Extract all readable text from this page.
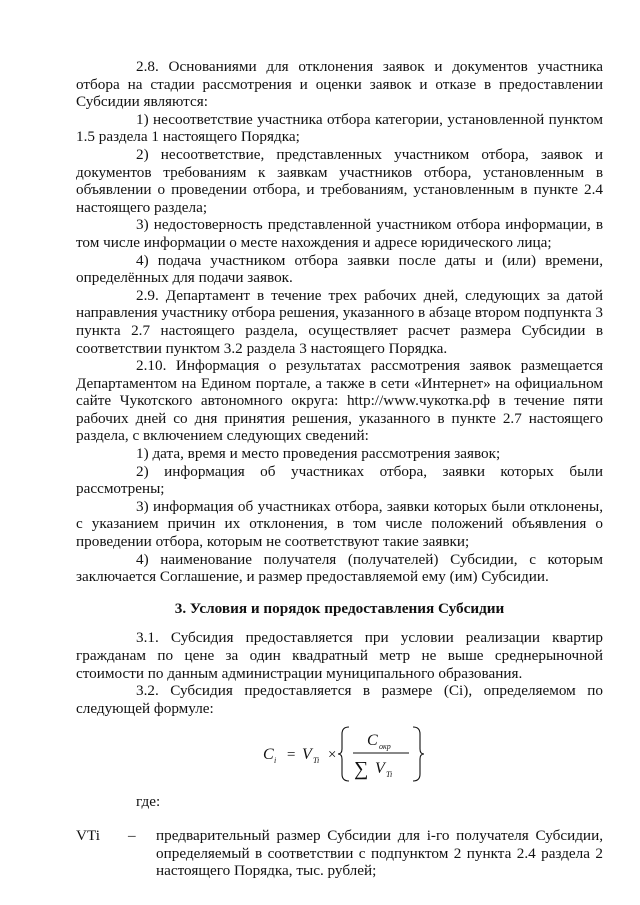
2.8. Основаниями для отклонения заявок и документов участника отбора на стадии рассмотрения и оценки заявок и отказе в предоставлении Субсидии являются:

1) несоответствие участника отбора категории, установленной пунктом 1.5 раздела 1 настоящего Порядка;

2) несоответствие, представленных участником отбора, заявок и документов требованиям к заявкам участников отбора, установленным в объявлении о проведении отбора, и требованиям, установленным в пункте 2.4 настоящего раздела;

3) недостоверность представленной участником отбора информации, в том числе информации о месте нахождения и адресе юридического лица;

4) подача участником отбора заявки после даты и (или) времени, определённых для подачи заявок.

2.9. Департамент в течение трех рабочих дней, следующих за датой направления участнику отбора решения, указанного в абзаце втором подпункта 3 пункта 2.7 настоящего раздела, осуществляет расчет размера Субсидии в соответствии пунктом 3.2 раздела 3 настоящего Порядка.

2.10. Информация о результатах рассмотрения заявок размещается Департаментом на Едином портале, а также в сети «Интернет» на официальном сайте Чукотского автономного округа: http://www.чукотка.рф в течение пяти рабочих дней со дня принятия решения, указанного в пункте 2.7 настоящего раздела, с включением следующих сведений:

1) дата, время и место проведения рассмотрения заявок;

2) информация об участниках отбора, заявки которых были рассмотрены;

3) информация об участниках отбора, заявки которых были отклонены, с указанием причин их отклонения, в том числе положений объявления о проведении отбора, которым не соответствуют такие заявки;

4) наименование получателя (получателей) Субсидии, с которым заключается Соглашение, и размер предоставляемой ему (им) Субсидии.

3. Условия и порядок предоставления Субсидии

3.1. Субсидия предоставляется при условии реализации квартир гражданам по цене за один квадратный метр не выше среднерыночной стоимости по данным администрации муниципального образования.

3.2. Субсидия предоставляется в размере (Ci), определяемом по следующей формуле:

C i = V Ti ×
C окр
∑ V Ti

где:

VTi	–	предварительный размер Субсидии для i-го получателя Субсидии, определяемый в соответствии с подпунктом 2 пункта 2.4 раздела 2 настоящего Порядка, тыс. рублей;
